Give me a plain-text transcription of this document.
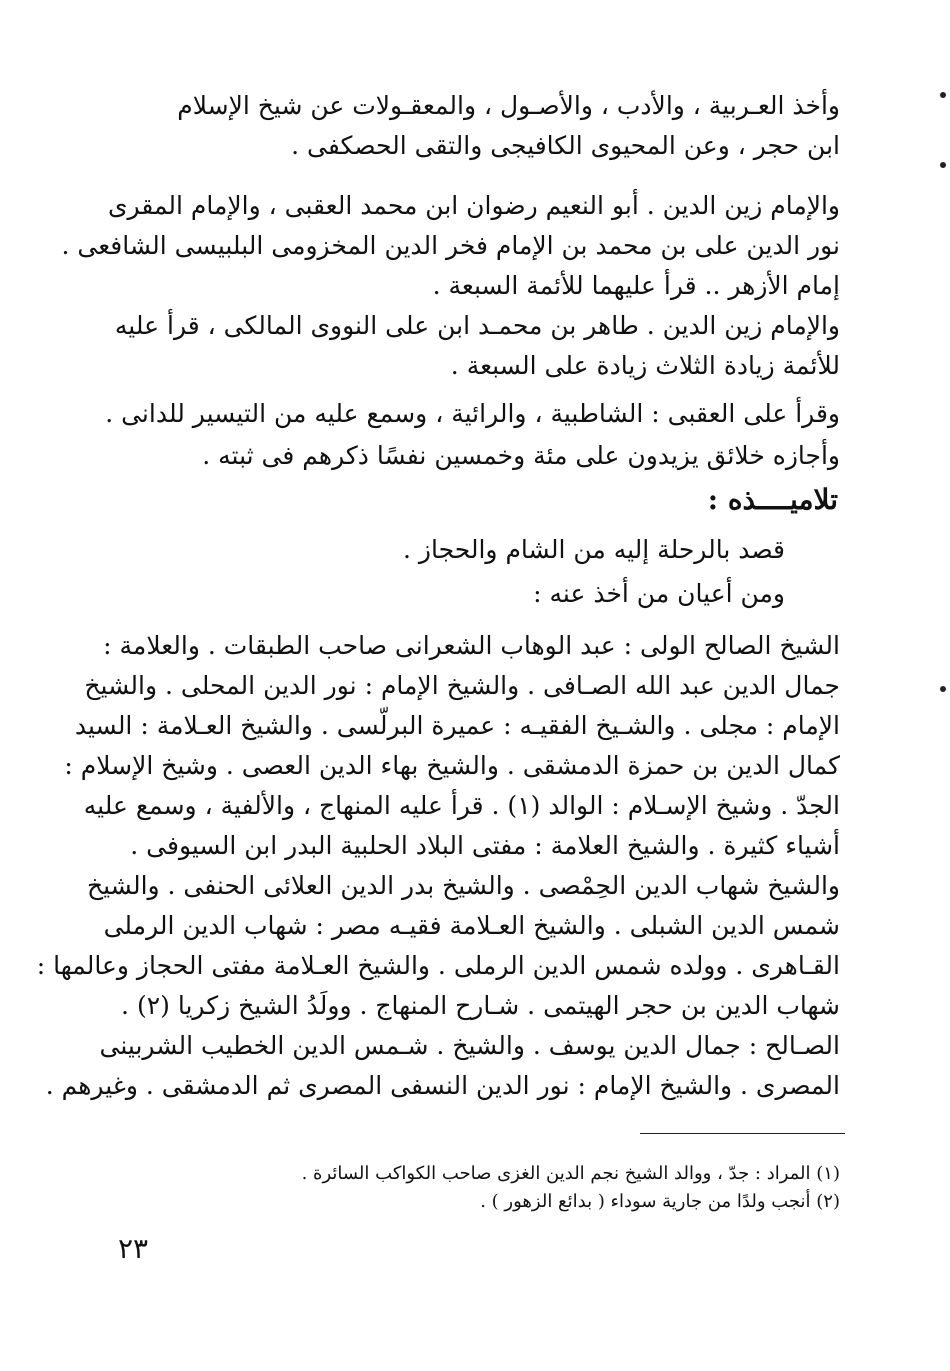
وأخذ العـربية ، والأدب ، والأصـول ، والمعقـولات عن شيخ الإسلام
ابن حجر ، وعن المحيوى الكافيجى والتقى الحصكفى .
والإمام زين الدين . أبو النعيم رضوان ابن محمد العقبى ، والإمام المقرى
نور الدين على بن محمد بن الإمام فخر الدين المخزومى البلبيسى الشافعى .
إمام الأزهر .. قرأ عليهما للأئمة السبعة .
والإمام زين الدين . طاهر بن محمـد ابن على النووى المالكى ، قرأ عليه
للأئمة زيادة الثلاث زيادة على السبعة .
وقرأ على العقبى : الشاطبية ، والرائية ، وسمع عليه من التيسير للدانى .
وأجازه خلائق يزيدون على مئة وخمسين نفسًا ذكرهم فى ثبته .
تلاميــــذه :
قصد بالرحلة إليه من الشام والحجاز .
ومن أعيان من أخذ عنه :
الشيخ الصالح الولى : عبد الوهاب الشعرانى صاحب الطبقات . والعلامة :
جمال الدين عبد الله الصـافى . والشيخ الإمام : نور الدين المحلى . والشيخ
الإمام : مجلى . والشـيخ الفقيـه : عميرة البرلّسى . والشيخ العـلامة : السيد
كمال الدين بن حمزة الدمشقى . والشيخ بهاء الدين العصى . وشيخ الإسلام :
الجدّ . وشيخ الإسـلام : الوالد (١) . قرأ عليه المنهاج ، والألفية ، وسمع عليه
أشياء كثيرة . والشيخ العلامة : مفتى البلاد الحلبية البدر ابن السيوفى .
والشيخ شهاب الدين الحِمْصى . والشيخ بدر الدين العلائى الحنفى . والشيخ
شمس الدين الشبلى . والشيخ العـلامة فقيـه مصر : شهاب الدين الرملى
القـاهرى . وولده شمس الدين الرملى . والشيخ العـلامة مفتى الحجاز وعالمها :
شهاب الدين بن حجر الهيتمى . شـارح المنهاج . وولَدُ الشيخ زكريا (٢) .
الصـالح : جمال الدين يوسف . والشيخ . شـمس الدين الخطيب الشربينى
المصرى . والشيخ الإمام : نور الدين النسفى المصرى ثم الدمشقى . وغيرهم .
(١) المراد : جدّ ، ووالد الشيخ نجم الدين الغزى صاحب الكواكب السائرة .
(٢) أنجب ولدًا من جارية سوداء ( بدائع الزهور ) .
٢٣
